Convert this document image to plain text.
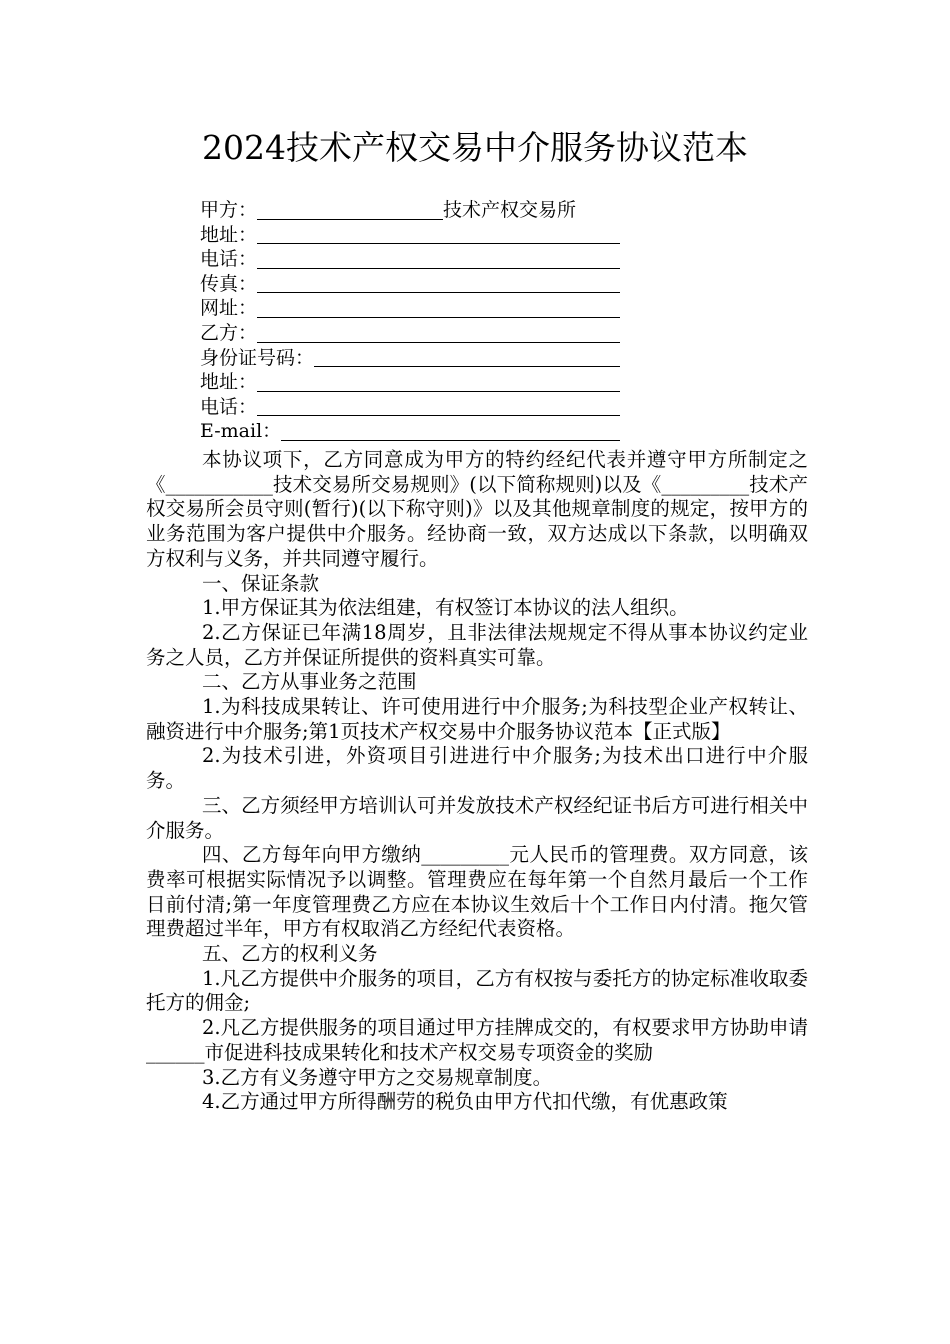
2024技术产权交易中介服务协议范本
甲方：	技术产权交易所
地址：
电话：
传真：
网址：
乙方：
身份证号码：
地址：
电话：
E-mail：

本协议项下，乙方同意成为甲方的特约经纪代表并遵守甲方所制定之《___________技术交易所交易规则》(以下简称规则)以及《_________技术产权交易所会员守则(暂行)(以下称守则)》以及其他规章制度的规定，按甲方的业务范围为客户提供中介服务。经协商一致，双方达成以下条款，以明确双方权利与义务，并共同遵守履行。

一、保证条款

1.甲方保证其为依法组建，有权签订本协议的法人组织。

2.乙方保证已年满18周岁，且非法律法规规定不得从事本协议约定业务之人员，乙方并保证所提供的资料真实可靠。

二、乙方从事业务之范围

1.为科技成果转让、许可使用进行中介服务;为科技型企业产权转让、融资进行中介服务;第1页技术产权交易中介服务协议范本【正式版】

2.为技术引进，外资项目引进进行中介服务;为技术出口进行中介服务。

三、乙方须经甲方培训认可并发放技术产权经纪证书后方可进行相关中介服务。

四、乙方每年向甲方缴纳_________元人民币的管理费。双方同意，该费率可根据实际情况予以调整。管理费应在每年第一个自然月最后一个工作日前付清;第一年度管理费乙方应在本协议生效后十个工作日内付清。拖欠管理费超过半年，甲方有权取消乙方经纪代表资格。

五、乙方的权利义务

1.凡乙方提供中介服务的项目，乙方有权按与委托方的协定标准收取委托方的佣金;

2.凡乙方提供服务的项目通过甲方挂牌成交的，有权要求甲方协助申请______市促进科技成果转化和技术产权交易专项资金的奖励

3.乙方有义务遵守甲方之交易规章制度。

4.乙方通过甲方所得酬劳的税负由甲方代扣代缴，有优惠政策
